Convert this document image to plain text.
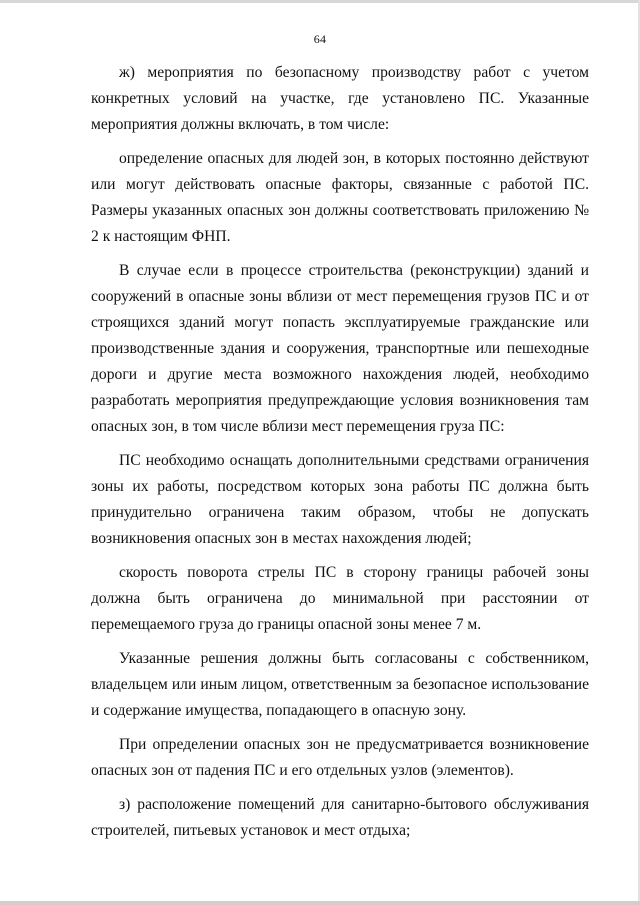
64

ж) мероприятия по безопасному производству работ с учетом конкретных условий на участке, где установлено ПС. Указанные мероприятия должны включать, в том числе:

определение опасных для людей зон, в которых постоянно действуют или могут действовать опасные факторы, связанные с работой ПС. Размеры указанных опасных зон должны соответствовать приложению № 2 к настоящим ФНП.

В случае если в процессе строительства (реконструкции) зданий и сооружений в опасные зоны вблизи от мест перемещения грузов ПС и от строящихся зданий могут попасть эксплуатируемые гражданские или производственные здания и сооружения, транспортные или пешеходные дороги и другие места возможного нахождения людей, необходимо разработать мероприятия предупреждающие условия возникновения там опасных зон, в том числе вблизи мест перемещения груза ПС:

ПС необходимо оснащать дополнительными средствами ограничения зоны их работы, посредством которых зона работы ПС должна быть принудительно ограничена таким образом, чтобы не допускать возникновения опасных зон в местах нахождения людей;

скорость поворота стрелы ПС в сторону границы рабочей зоны должна быть ограничена до минимальной при расстоянии от перемещаемого груза до границы опасной зоны менее 7 м.

Указанные решения должны быть согласованы с собственником, владельцем или иным лицом, ответственным за безопасное использование и содержание имущества, попадающего в опасную зону.

При определении опасных зон не предусматривается возникновение опасных зон от падения ПС и его отдельных узлов (элементов).

з) расположение помещений для санитарно-бытового обслуживания строителей, питьевых установок и мест отдыха;
